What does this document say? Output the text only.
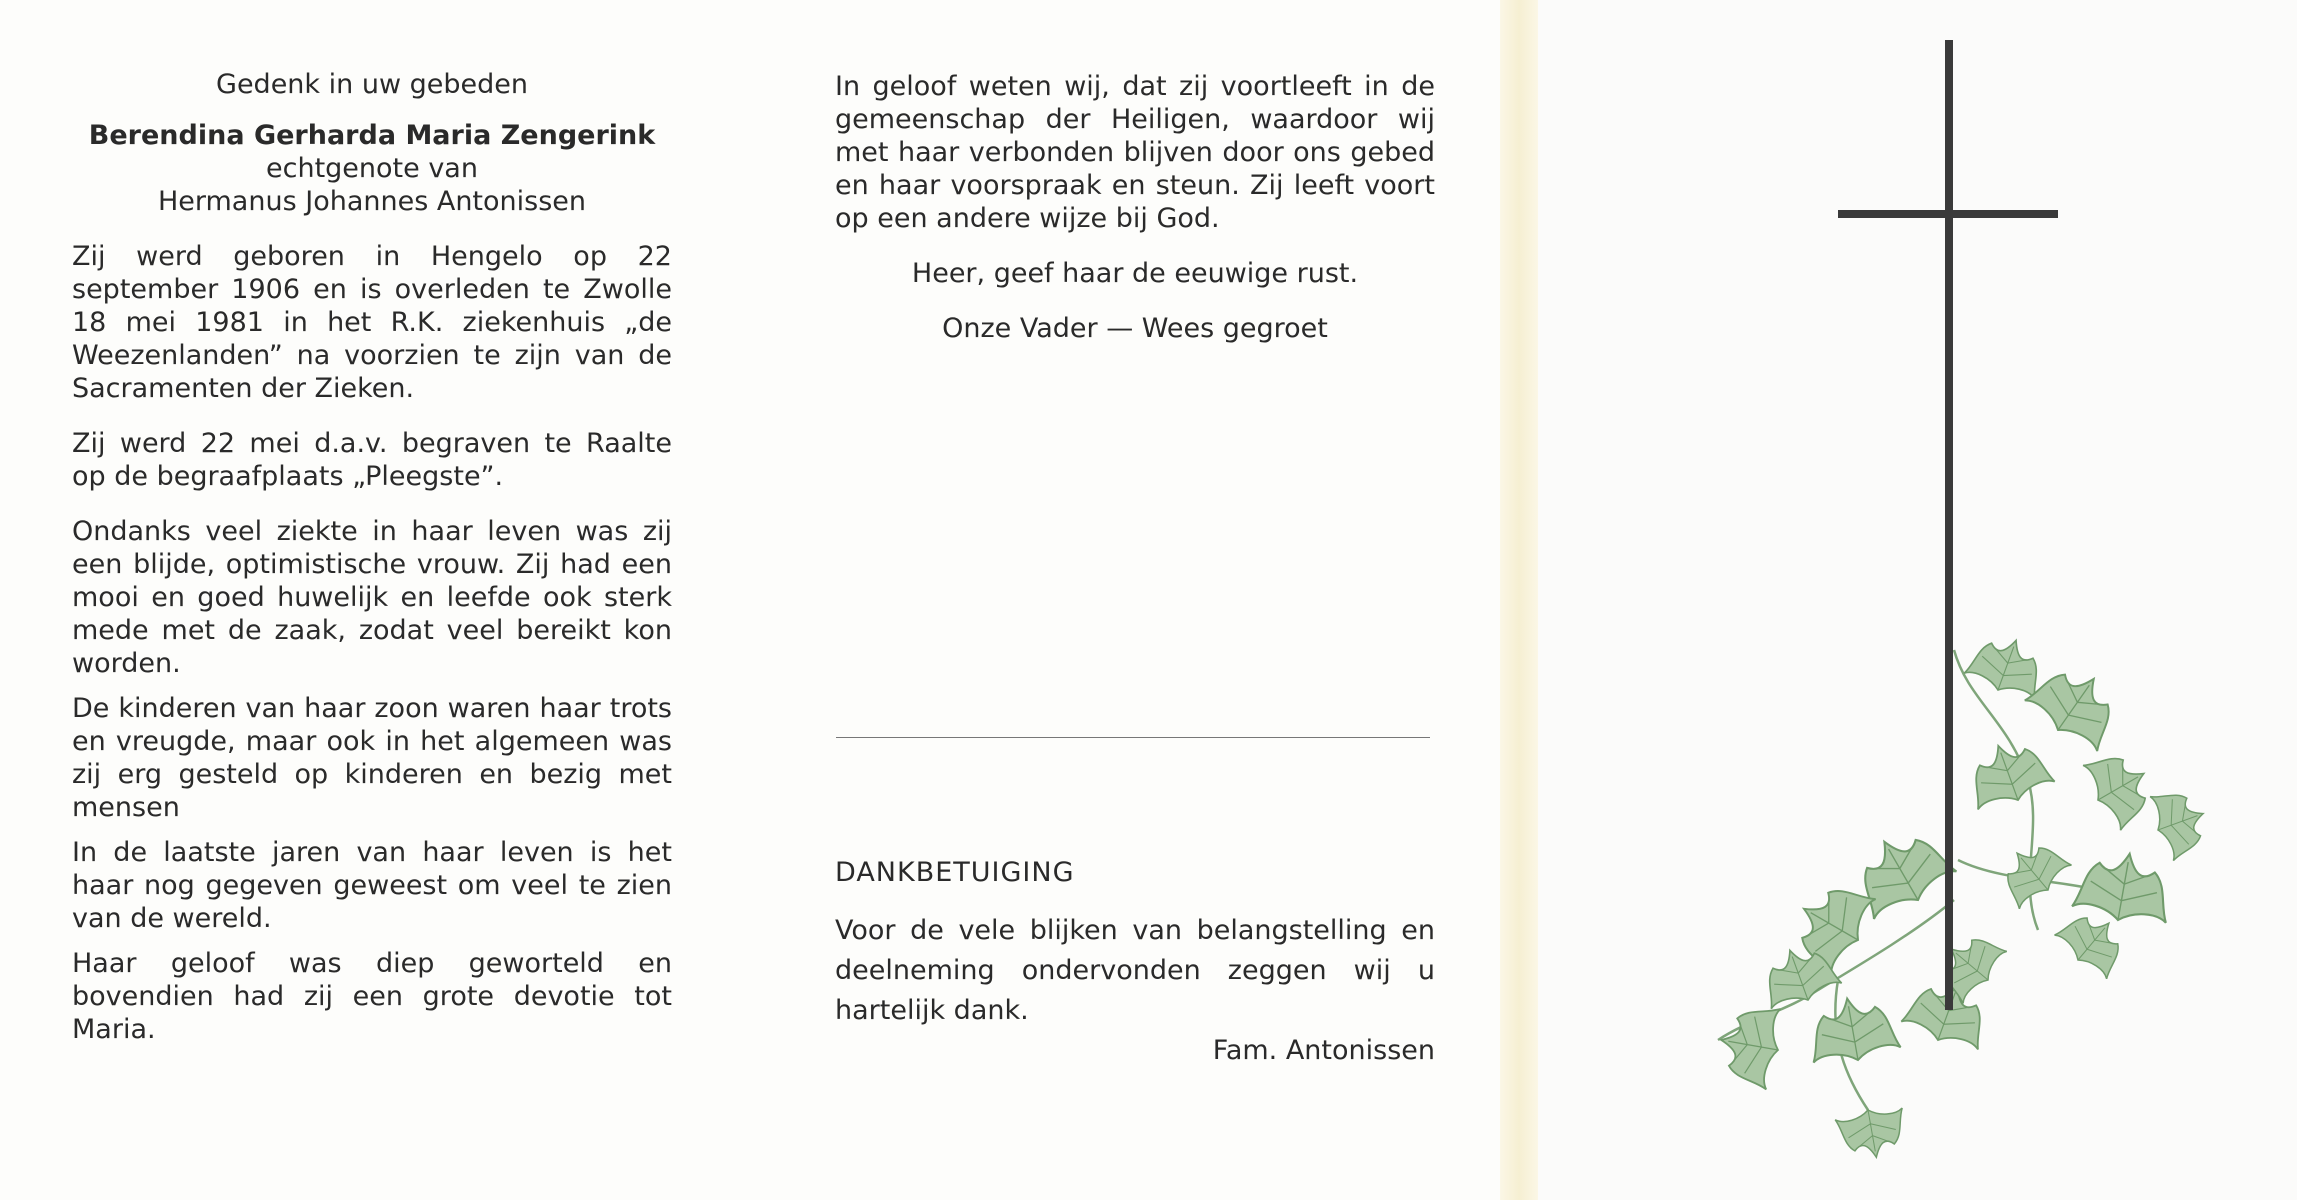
Gedenk in uw gebeden

Berendina Gerharda Maria Zengerink

echtgenote van

Hermanus Johannes Antonissen

Zij werd geboren in Hengelo op 22 september 1906 en is overleden te Zwolle 18 mei 1981 in het R.K. ziekenhuis „de Weezenlanden” na voorzien te zijn van de Sacramenten der Zieken.

Zij werd 22 mei d.a.v. begraven te Raalte op de begraafplaats „Pleegste”.

Ondanks veel ziekte in haar leven was zij een blijde, optimistische vrouw. Zij had een mooi en goed huwelijk en leefde ook sterk mede met de zaak, zodat veel bereikt kon worden.

De kinderen van haar zoon waren haar trots en vreugde, maar ook in het algemeen was zij erg gesteld op kinderen en bezig met mensen

In de laatste jaren van haar leven is het haar nog gegeven geweest om veel te zien van de wereld.

Haar geloof was diep geworteld en bovendien had zij een grote devotie tot Maria.

In geloof weten wij, dat zij voortleeft in de gemeenschap der Heiligen, waardoor wij met haar verbonden blijven door ons gebed en haar voorspraak en steun. Zij leeft voort op een andere wijze bij God.

Heer, geef haar de eeuwige rust.

Onze Vader — Wees gegroet

DANKBETUIGING

Voor de vele blijken van belangstelling en deelneming ondervonden zeggen wij u hartelijk dank.

Fam. Antonissen
